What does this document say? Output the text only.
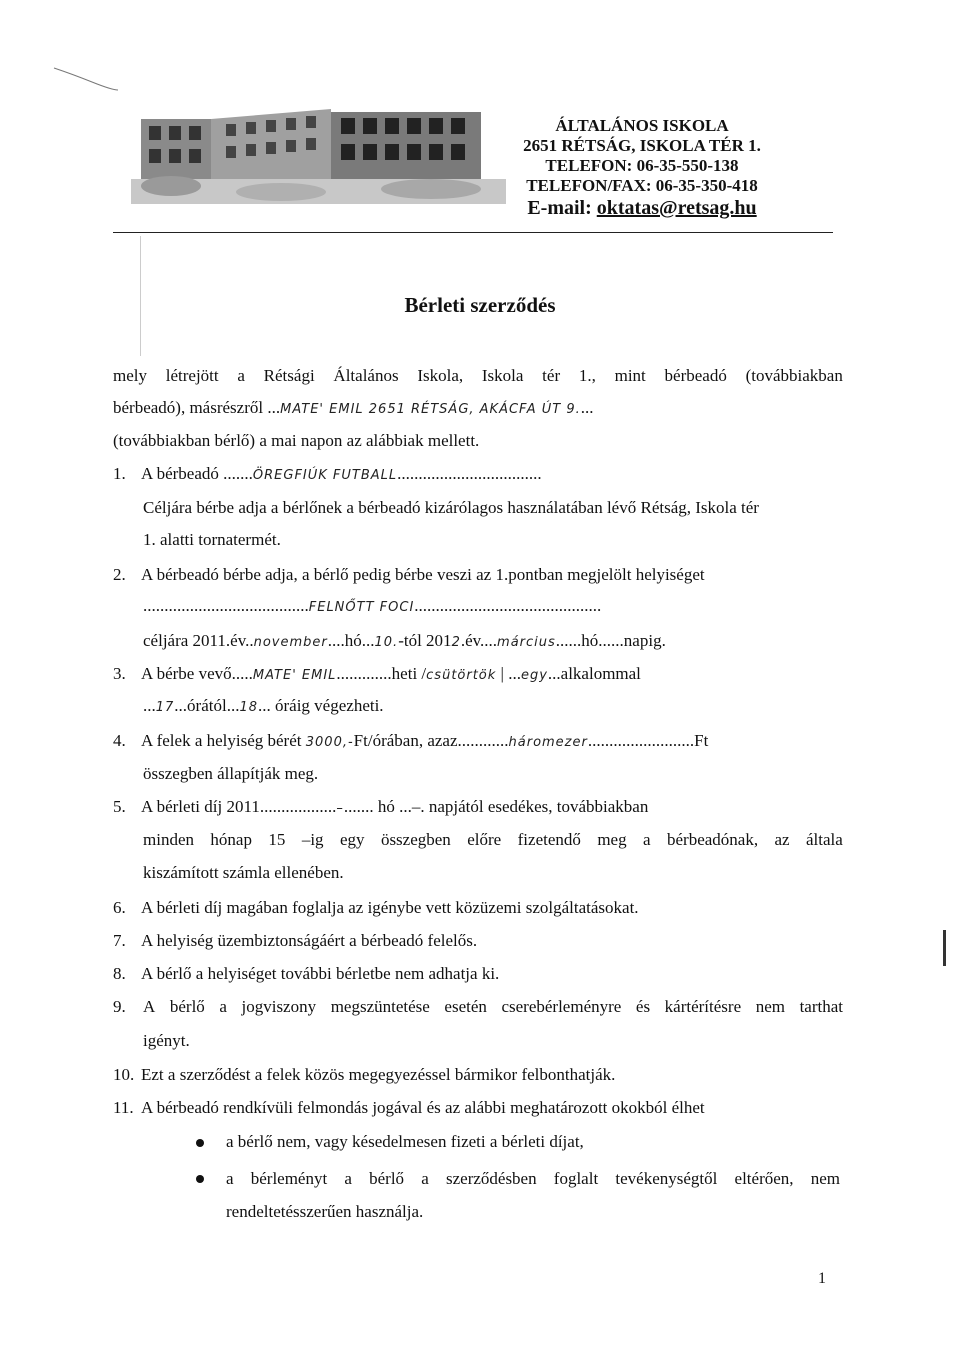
ÁLTALÁNOS ISKOLA
2651 RÉTSÁG, ISKOLA TÉR 1.
TELEFON: 06-35-550-138
TELEFON/FAX: 06-35-350-418
E-mail: oktatas@retsag.hu
Bérleti szerződés
mely létrejött a Rétsági Általános Iskola, Iskola tér 1., mint bérbeadó (továbbiakban
bérbeadó), másrészről ...MATE' EMIL 2651 RÉTSÁG, AKÁCFA ÚT 9....
(továbbiakban bérlő) a mai napon az alábbiak mellett.
1. A bérbeadó .......ÖREGFIÚK FUTBALL..................................
Céljára bérbe adja a bérlőnek a bérbeadó kizárólagos használatában lévő Rétság, Iskola tér
1. alatti tornatermét.
2. A bérbeadó bérbe adja, a bérlő pedig bérbe veszi az 1.pontban megjelölt helyiséget
.......................................FELNŐTT FOCI............................................
céljára 2011.év..november....hó...10.-tól 2012.év....március......hó......napig.
3. A bérbe vevő.....MATE' EMIL.............heti /csütörtök | ...egy...alkalommal
...17...órától...18... óráig végezheti.
4. A felek a helyiség bérét 3000,-Ft/órában, azaz............háromezer.........................Ft
összegben állapítják meg.
5. A bérleti díj 2011..................–....... hó ...–. napjától esedékes, továbbiakban
minden hónap 15 –ig egy összegben előre fizetendő meg a bérbeadónak, az általa
kiszámított számla ellenében.
6. A bérleti díj magában foglalja az igénybe vett közüzemi szolgáltatásokat.
7. A helyiség üzembiztonságáért a bérbeadó felelős.
8. A bérlő a helyiséget további bérletbe nem adhatja ki.
9.	A bérlő a jogviszony megszüntetése esetén cserebérleményre és kártérítésre nem tarthat
igényt.
10. Ezt a szerződést a felek közös megegyezéssel bármikor felbonthatják.
11. A bérbeadó rendkívüli felmondás jogával és az alábbi meghatározott okokból élhet
a bérlő nem, vagy késedelmesen fizeti a bérleti díjat,
a bérleményt a bérlő a szerződésben foglalt tevékenységtől eltérően, nem
rendeltetésszerűen használja.
1
